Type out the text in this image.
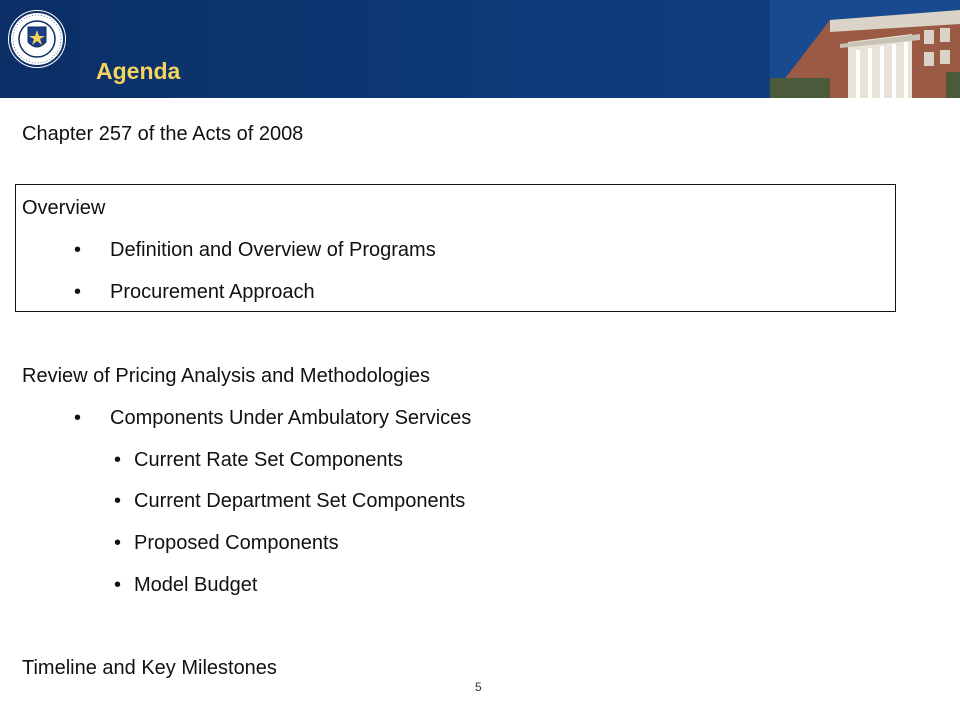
Agenda
Chapter 257 of the Acts of 2008
Overview
• Definition and Overview of Programs
• Procurement Approach
Review of Pricing Analysis and Methodologies
• Components Under Ambulatory Services
• Current Rate Set Components
• Current Department Set Components
• Proposed Components
• Model Budget
Timeline and Key Milestones
5
